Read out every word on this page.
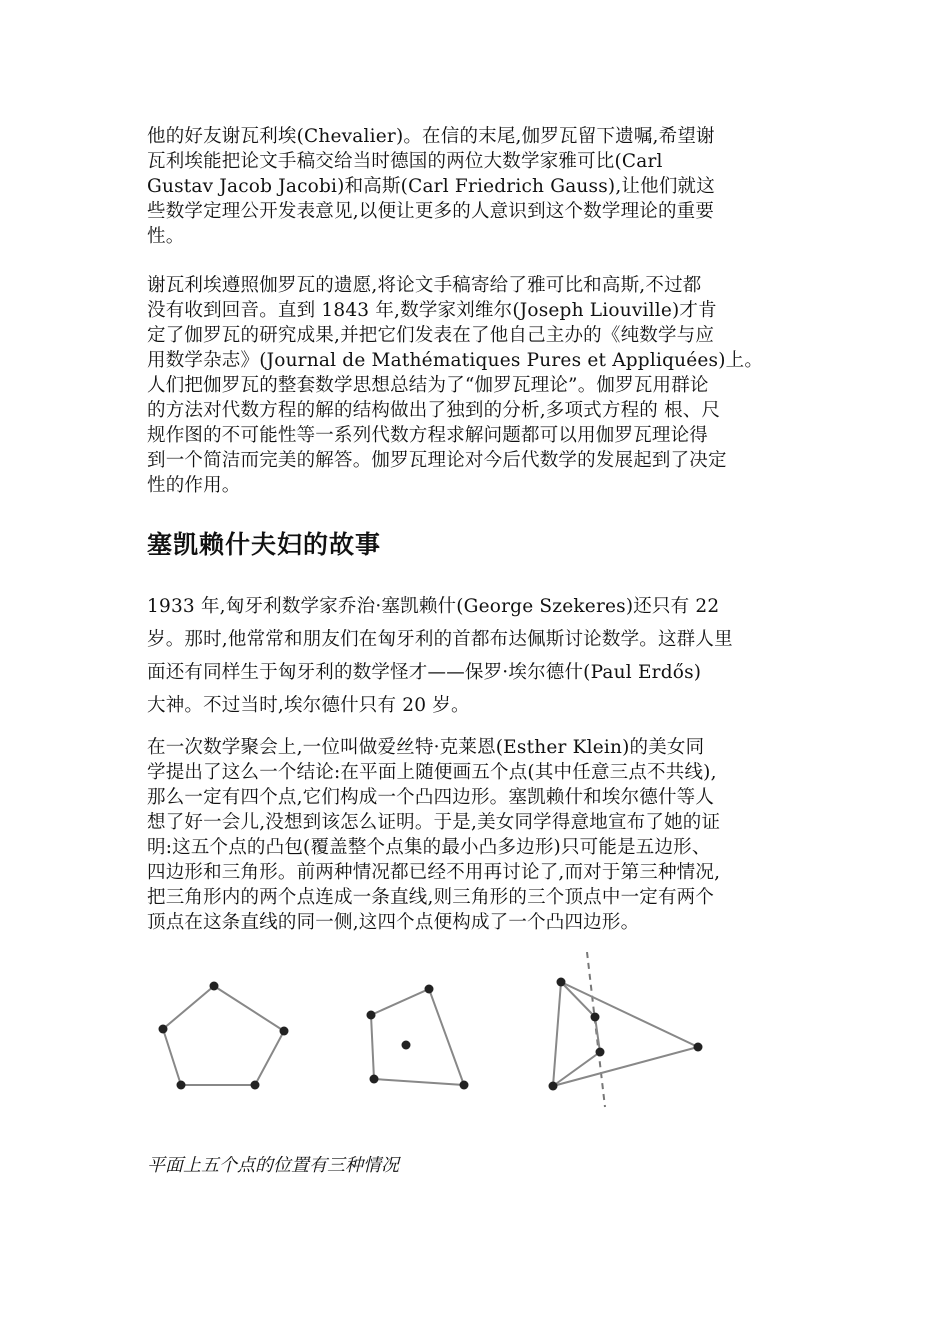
他的好友谢瓦利埃(Chevalier)。在信的末尾,伽罗瓦留下遗嘱,希望谢
瓦利埃能把论文手稿交给当时德国的两位大数学家雅可比(Carl
Gustav Jacob Jacobi)和高斯(Carl Friedrich Gauss),让他们就这
些数学定理公开发表意见,以便让更多的人意识到这个数学理论的重要
性。

谢瓦利埃遵照伽罗瓦的遗愿,将论文手稿寄给了雅可比和高斯,不过都
没有收到回音。直到 1843 年,数学家刘维尔(Joseph Liouville)才肯
定了伽罗瓦的研究成果,并把它们发表在了他自己主办的《纯数学与应
用数学杂志》(Journal de Mathématiques Pures et Appliquées)上。
人们把伽罗瓦的整套数学思想总结为了“伽罗瓦理论”。伽罗瓦用群论
的方法对代数方程的解的结构做出了独到的分析,多项式方程的 根、尺
规作图的不可能性等一系列代数方程求解问题都可以用伽罗瓦理论得
到一个简洁而完美的解答。伽罗瓦理论对今后代数学的发展起到了决定
性的作用。

塞凯赖什夫妇的故事

1933 年,匈牙利数学家乔治·塞凯赖什(George Szekeres)还只有 22
岁。那时,他常常和朋友们在匈牙利的首都布达佩斯讨论数学。这群人里
面还有同样生于匈牙利的数学怪才——保罗·埃尔德什(Paul Erdős)
大神。不过当时,埃尔德什只有 20 岁。

在一次数学聚会上,一位叫做爱丝特·克莱恩(Esther Klein)的美女同
学提出了这么一个结论:在平面上随便画五个点(其中任意三点不共线),
那么一定有四个点,它们构成一个凸四边形。塞凯赖什和埃尔德什等人
想了好一会儿,没想到该怎么证明。于是,美女同学得意地宣布了她的证
明:这五个点的凸包(覆盖整个点集的最小凸多边形)只可能是五边形、
四边形和三角形。前两种情况都已经不用再讨论了,而对于第三种情况,
把三角形内的两个点连成一条直线,则三角形的三个顶点中一定有两个
顶点在这条直线的同一侧,这四个点便构成了一个凸四边形。

平面上五个点的位置有三种情况
